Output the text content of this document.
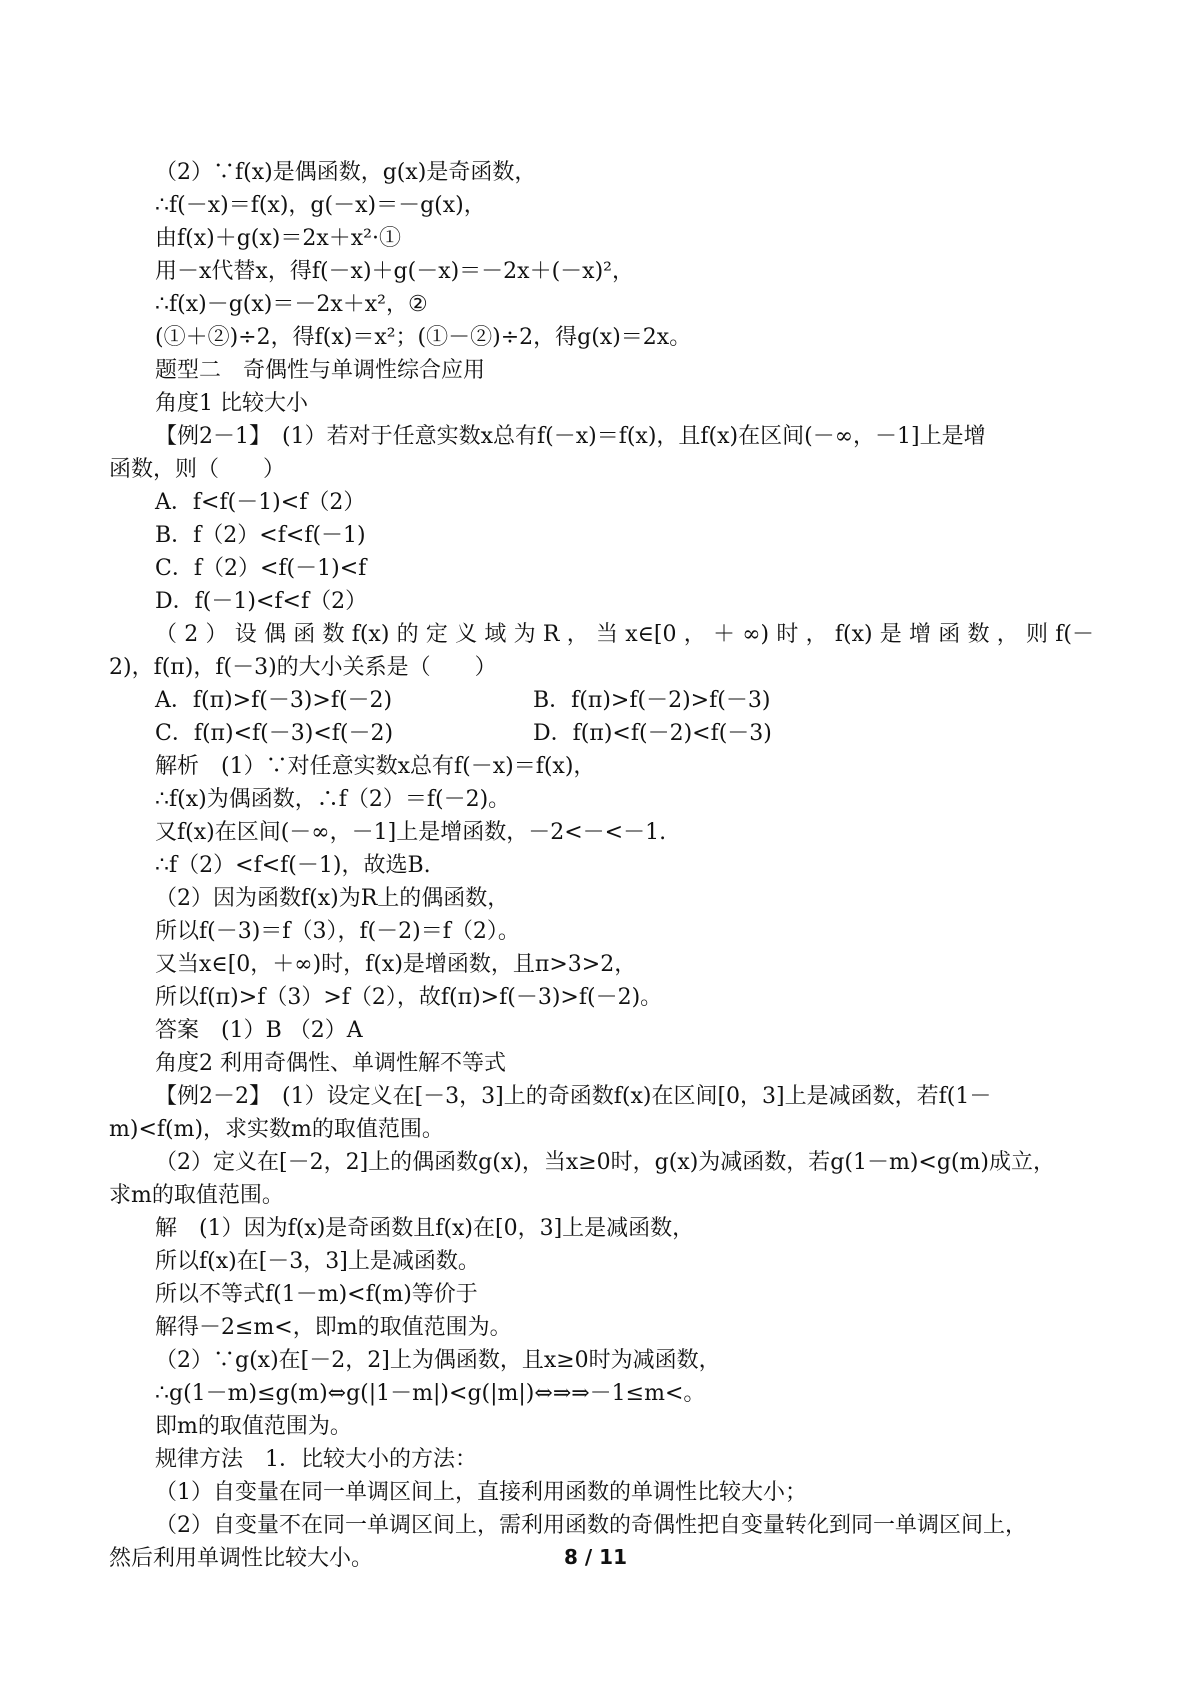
（2）∵f(x)是偶函数，g(x)是奇函数，
∴f(－x)＝f(x)，g(－x)＝－g(x)，
由f(x)＋g(x)＝2x＋x²·①
用－x代替x，得f(－x)＋g(－x)＝－2x＋(－x)²，
∴f(x)－g(x)＝－2x＋x²，②
(①＋②)÷2，得f(x)＝x²；(①－②)÷2，得g(x)＝2x。
题型二　奇偶性与单调性综合应用
角度1 比较大小
【例2－1】　(1）若对于任意实数x总有f(－x)＝f(x)，且f(x)在区间(－∞，－1]上是增
函数，则（　　）
A．f<f(－1)<f（2）
B．f（2）<f<f(－1)
C．f（2）<f(－1)<f
D．f(－1)<f<f（2）
（2）设偶函数f(x)的定义域为R，当x∈[0，＋∞)时，f(x)是增函数，则f(－
2)，f(π)，f(－3)的大小关系是（　　）
A．f(π)>f(－3)>f(－2)	B．f(π)>f(－2)>f(－3)
C．f(π)<f(－3)<f(－2)	D．f(π)<f(－2)<f(－3)
解析　(1）∵对任意实数x总有f(－x)＝f(x)，
∴f(x)为偶函数，∴f（2）＝f(－2)。
又f(x)在区间(－∞，－1]上是增函数，－2<－<－1.
∴f（2）<f<f(－1)，故选B.
（2）因为函数f(x)为R上的偶函数，
所以f(－3)＝f（3），f(－2)＝f（2）。
又当x∈[0，＋∞)时，f(x)是增函数，且π>3>2，
所以f(π)>f（3）>f（2），故f(π)>f(－3)>f(－2)。
答案　(1）B （2）A
角度2 利用奇偶性、单调性解不等式
【例2－2】　(1）设定义在[－3，3]上的奇函数f(x)在区间[0，3]上是减函数，若f(1－
m)<f(m)，求实数m的取值范围。
（2）定义在[－2，2]上的偶函数g(x)，当x≥0时，g(x)为减函数，若g(1－m)<g(m)成立，
求m的取值范围。
解　(1）因为f(x)是奇函数且f(x)在[0，3]上是减函数，
所以f(x)在[－3，3]上是减函数。
所以不等式f(1－m)<f(m)等价于
解得－2≤m<，即m的取值范围为。
（2）∵g(x)在[－2，2]上为偶函数，且x≥0时为减函数，
∴g(1－m)≤g(m)⇔g(|1－m|)<g(|m|)⇔⇒⇒－1≤m<。
即m的取值范围为。
规律方法　1．比较大小的方法：
（1）自变量在同一单调区间上，直接利用函数的单调性比较大小；
（2）自变量不在同一单调区间上，需利用函数的奇偶性把自变量转化到同一单调区间上，
然后利用单调性比较大小。	8 / 11
